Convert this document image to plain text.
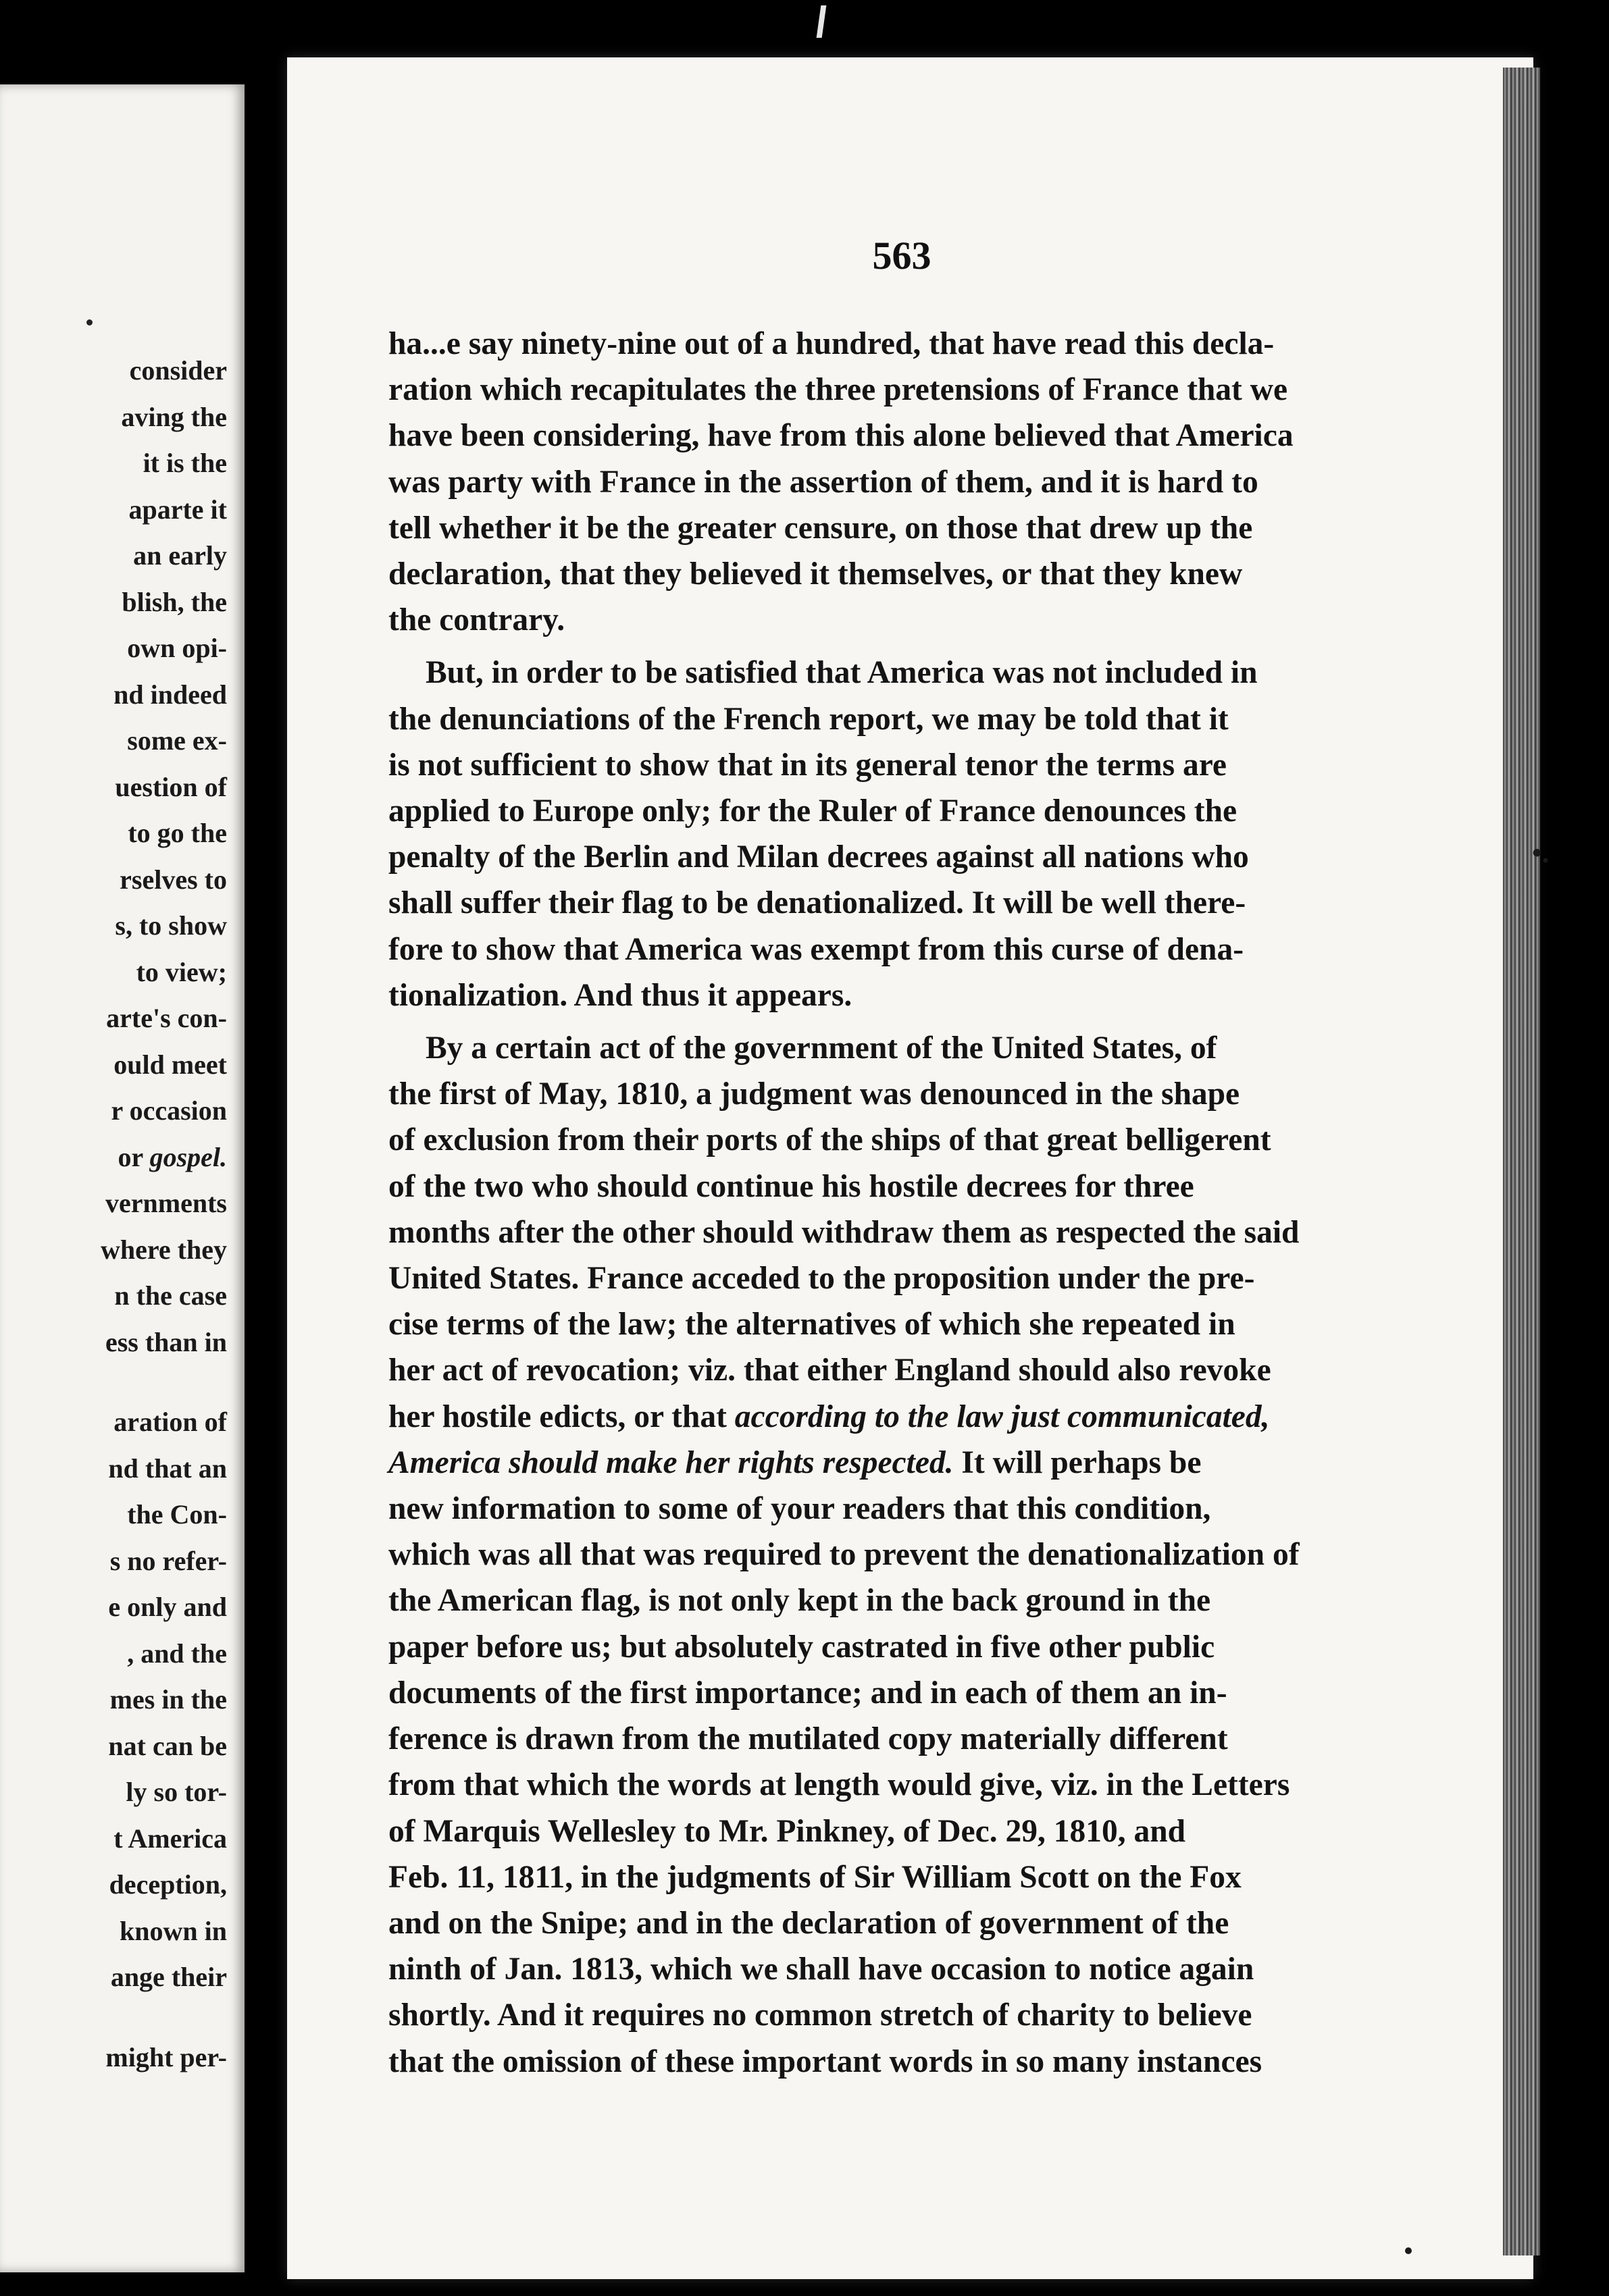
consider
aving the
it is the
aparte it
an early
blish, the
own opi-
nd indeed
some ex-
uestion of
to go the
rselves to
s, to show
to view;
arte's con-
ould meet
r occasion
or gospel.
vernments
where they
n the case
ess than in
aration of
nd that an
the Con-
s no refer-
e only and
, and the
mes in the
nat can be
ly so tor-
t America
deception,
known in
ange their
might per-
563

ha...e say ninety-nine out of a hundred, that have read this decla-

ration which recapitulates the three pretensions of France that we

have been considering, have from this alone believed that America

was party with France in the assertion of them, and it is hard to

tell whether it be the greater censure, on those that drew up the

declaration, that they believed it themselves, or that they knew

the contrary.

But, in order to be satisfied that America was not included in

the denunciations of the French report, we may be told that it

is not sufficient to show that in its general tenor the terms are

applied to Europe only; for the Ruler of France denounces the

penalty of the Berlin and Milan decrees against all nations who

shall suffer their flag to be denationalized. It will be well there-

fore to show that America was exempt from this curse of dena-

tionalization. And thus it appears.

By a certain act of the government of the United States, of

the first of May, 1810, a judgment was denounced in the shape

of exclusion from their ports of the ships of that great belligerent

of the two who should continue his hostile decrees for three

months after the other should withdraw them as respected the said

United States. France acceded to the proposition under the pre-

cise terms of the law; the alternatives of which she repeated in

her act of revocation; viz. that either England should also revoke

her hostile edicts, or that according to the law just communicated,

America should make her rights respected. It will perhaps be

new information to some of your readers that this condition,

which was all that was required to prevent the denationalization of

the American flag, is not only kept in the back ground in the

paper before us; but absolutely castrated in five other public

documents of the first importance; and in each of them an in-

ference is drawn from the mutilated copy materially different

from that which the words at length would give, viz. in the Letters

of Marquis Wellesley to Mr. Pinkney, of Dec. 29, 1810, and

Feb. 11, 1811, in the judgments of Sir William Scott on the Fox

and on the Snipe; and in the declaration of government of the

ninth of Jan. 1813, which we shall have occasion to notice again

shortly. And it requires no common stretch of charity to believe

that the omission of these important words in so many instances

•.
